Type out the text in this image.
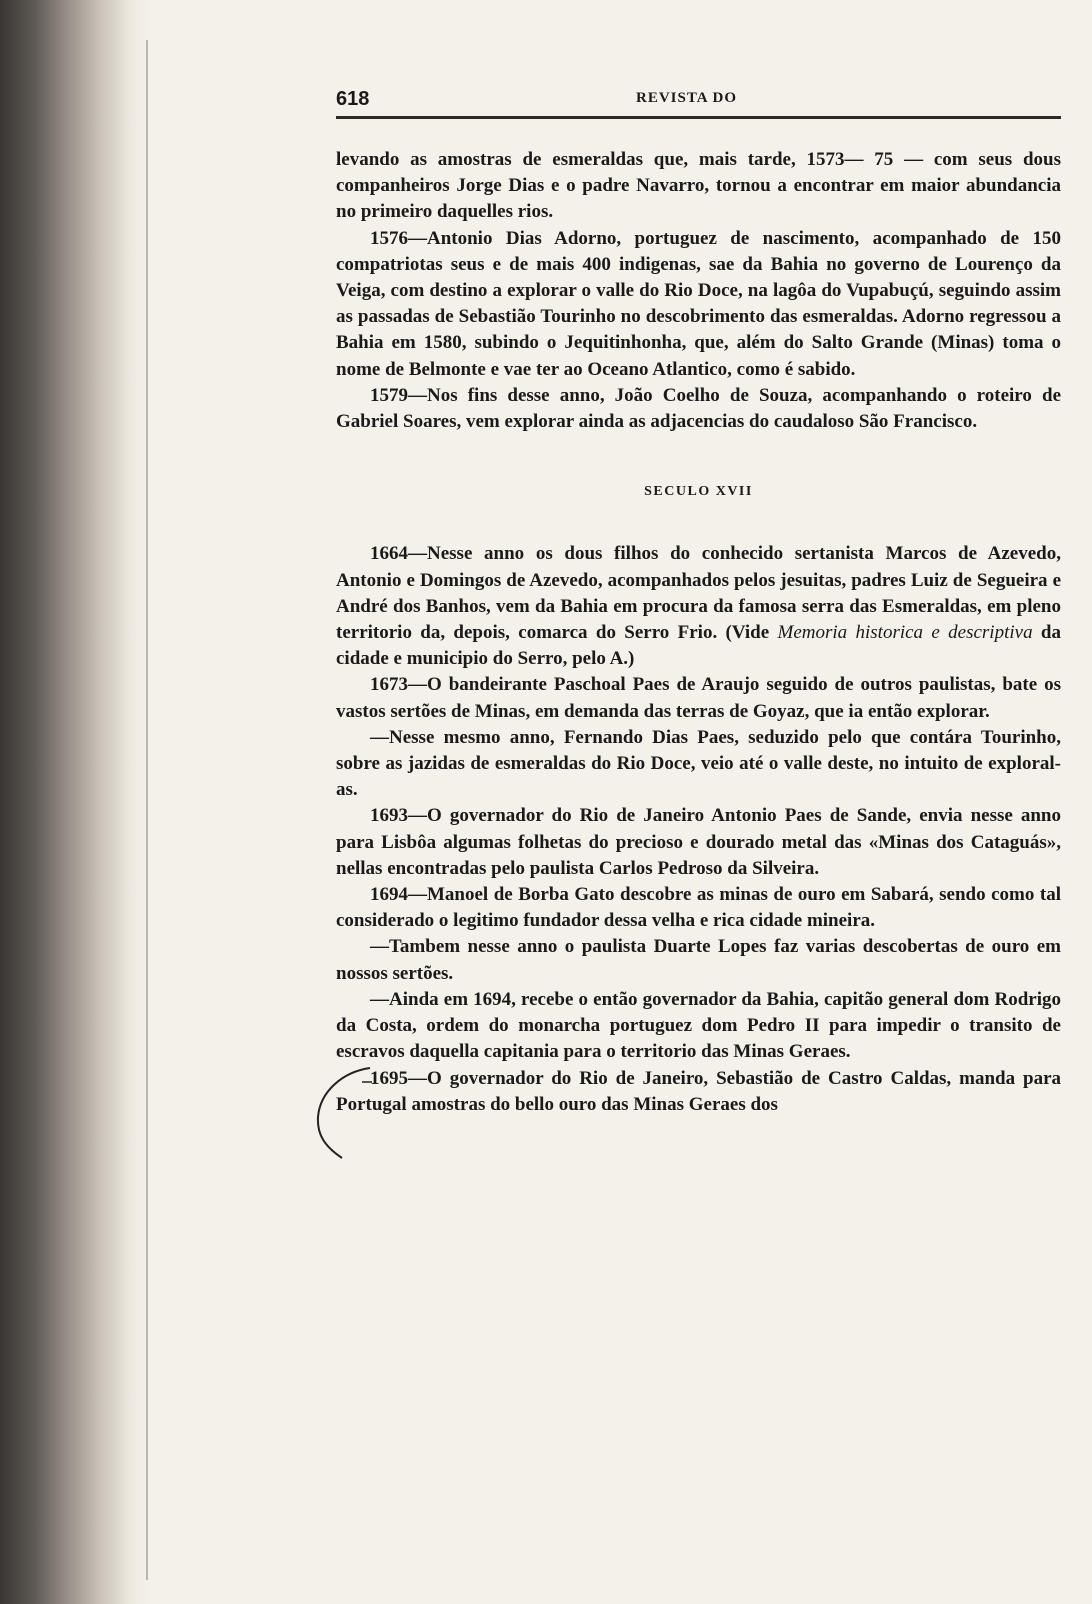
618	REVISTA DO

levando as amostras de esmeraldas que, mais tarde, 1573— 75 — com seus dous companheiros Jorge Dias e o padre Navarro, tornou a encontrar em maior abundancia no primeiro daquelles rios.

1576—Antonio Dias Adorno, portuguez de nascimento, acompanhado de 150 compatriotas seus e de mais 400 indigenas, sae da Bahia no governo de Lourenço da Veiga, com destino a explorar o valle do Rio Doce, na lagôa do Vupabuçú, seguindo assim as passadas de Sebastião Tourinho no descobrimento das esmeraldas. Adorno regressou a Bahia em 1580, subindo o Jequitinhonha, que, além do Salto Grande (Minas) toma o nome de Belmonte e vae ter ao Oceano Atlantico, como é sabido.

1579—Nos fins desse anno, João Coelho de Souza, acompanhando o roteiro de Gabriel Soares, vem explorar ainda as adjacencias do caudaloso São Francisco.

SECULO XVII

1664—Nesse anno os dous filhos do conhecido sertanista Marcos de Azevedo, Antonio e Domingos de Azevedo, acompanhados pelos jesuitas, padres Luiz de Segueira e André dos Banhos, vem da Bahia em procura da famosa serra das Esmeraldas, em pleno territorio da, depois, comarca do Serro Frio. (Vide Memoria historica e descriptiva da cidade e municipio do Serro, pelo A.)

1673—O bandeirante Paschoal Paes de Araujo seguido de outros paulistas, bate os vastos sertões de Minas, em demanda das terras de Goyaz, que ia então explorar.

—Nesse mesmo anno, Fernando Dias Paes, seduzido pelo que contára Tourinho, sobre as jazidas de esmeraldas do Rio Doce, veio até o valle deste, no intuito de exploral-as.

1693—O governador do Rio de Janeiro Antonio Paes de Sande, envia nesse anno para Lisbôa algumas folhetas do precioso e dourado metal das «Minas dos Cataguás», nellas encontradas pelo paulista Carlos Pedroso da Silveira.

1694—Manoel de Borba Gato descobre as minas de ouro em Sabará, sendo como tal considerado o legitimo fundador dessa velha e rica cidade mineira.

—Tambem nesse anno o paulista Duarte Lopes faz varias descobertas de ouro em nossos sertões.

—Ainda em 1694, recebe o então governador da Bahia, capitão general dom Rodrigo da Costa, ordem do monarcha portuguez dom Pedro II para impedir o transito de escravos daquella capitania para o territorio das Minas Geraes.

1695—O governador do Rio de Janeiro, Sebastião de Castro Caldas, manda para Portugal amostras do bello ouro das Minas Geraes dos
